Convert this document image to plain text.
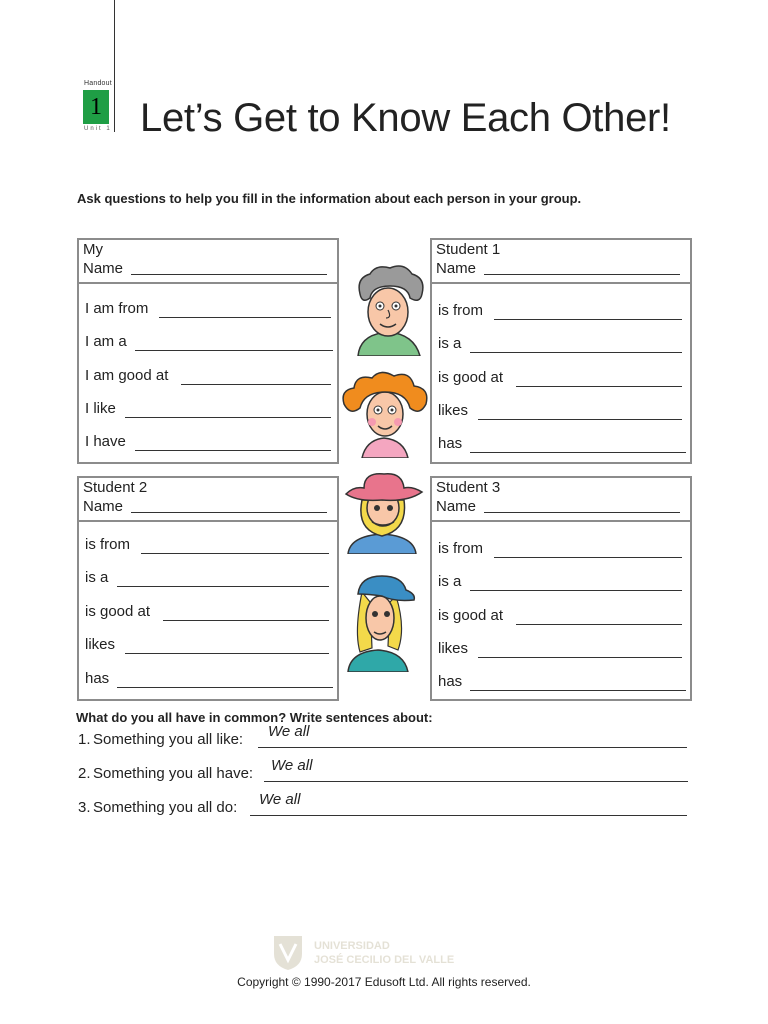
Handout
1
Unit 1 Let’s Get to Know Each Other!
Ask questions to help you fill in the information about each person in your group.
My
Name
I am from
I am a
I am good at
I like
I have
Student 1
Name
is from
is a
is good at
likes
has
Student 2
Name
is from
is a
is good at
likes
has
Student 3
Name
is from
is a
is good at
likes
has
What do you all have in common? Write sentences about:
1. Something you all like: We all
2. Something you all have: We all
3. Something you all do: We all
UNIVERSIDAD
JOSÉ CECILIO DEL VALLE
Copyright © 1990-2017 Edusoft Ltd. All rights reserved.
